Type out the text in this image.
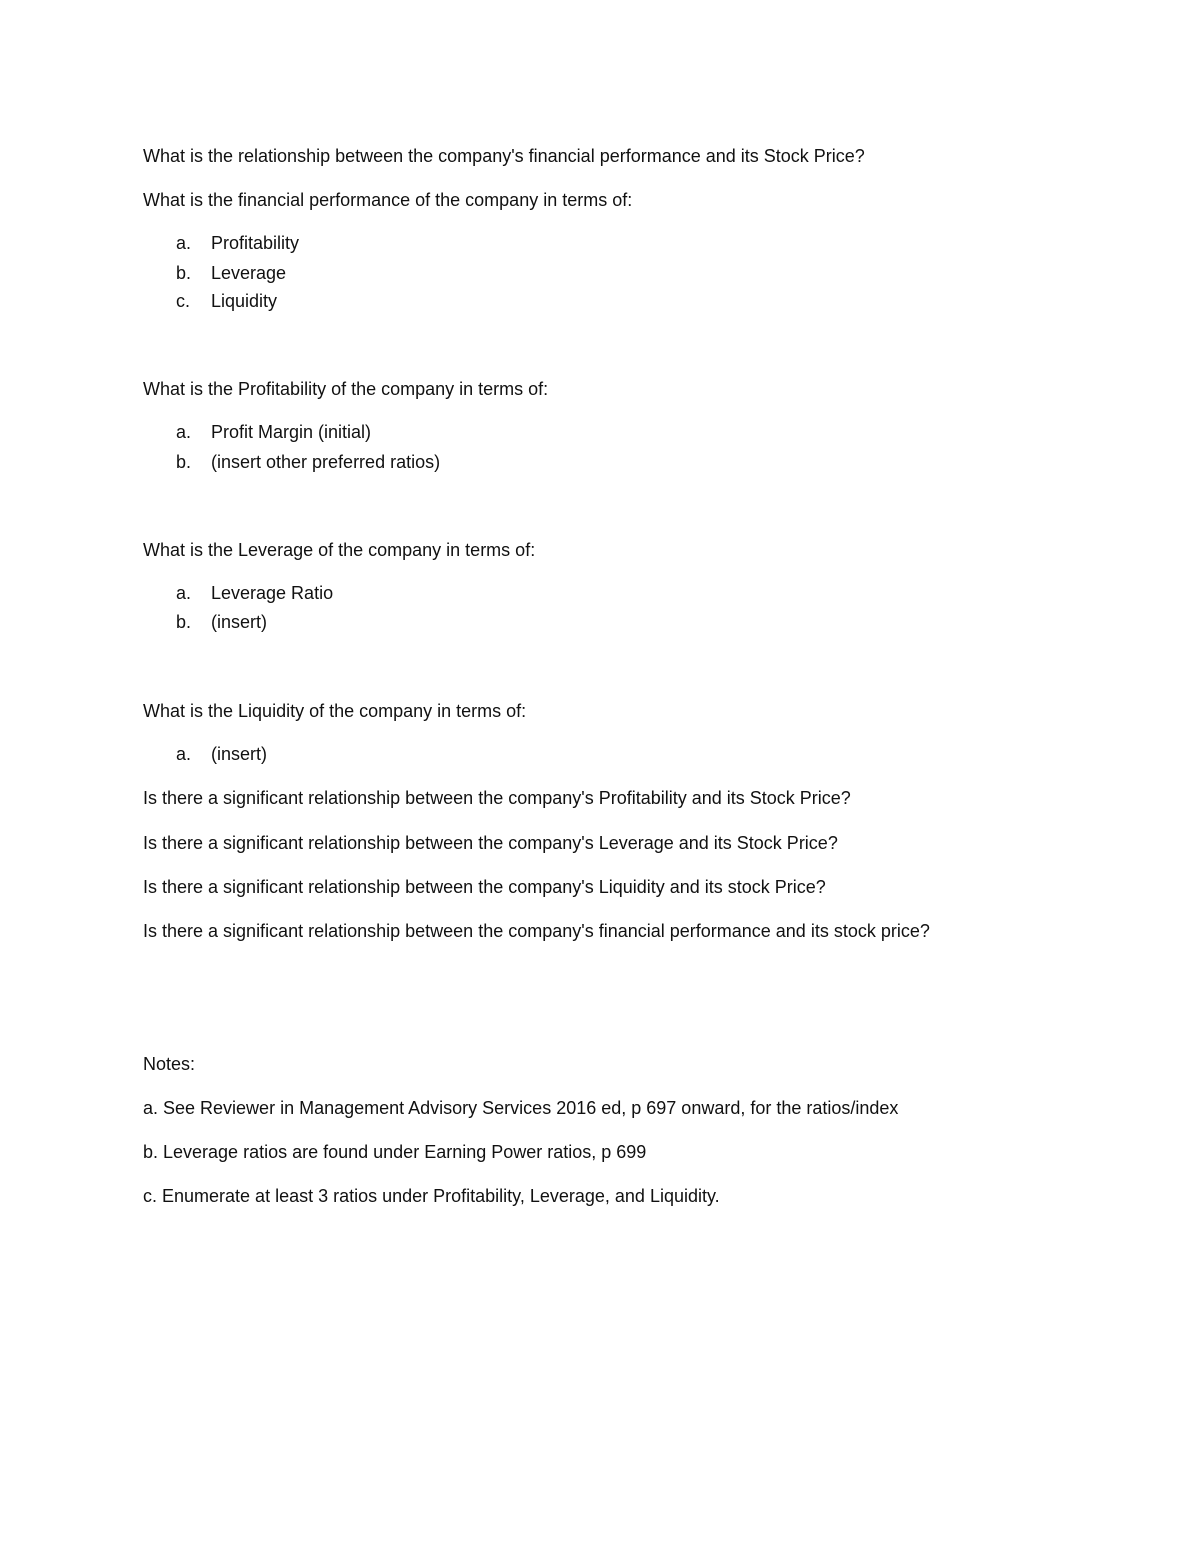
What is the relationship between the company's financial performance and its Stock Price?
What is the financial performance of the company in terms of:
a. Profitability
b. Leverage
c. Liquidity
What is the Profitability of the company in terms of:
a. Profit Margin (initial)
b. (insert other preferred ratios)
What is the Leverage of the company in terms of:
a. Leverage Ratio
b. (insert)
What is the Liquidity of the company in terms of:
a. (insert)
Is there a significant relationship between the company's Profitability and its Stock Price?
Is there a significant relationship between the company's Leverage and its Stock Price?
Is there a significant relationship between the company's Liquidity and its stock Price?
Is there a significant relationship between the company's financial performance and its stock price?
Notes:
a. See Reviewer in Management Advisory Services 2016 ed, p 697 onward, for the ratios/index
b. Leverage ratios are found under Earning Power ratios, p 699
c. Enumerate at least 3 ratios under Profitability, Leverage, and Liquidity.
